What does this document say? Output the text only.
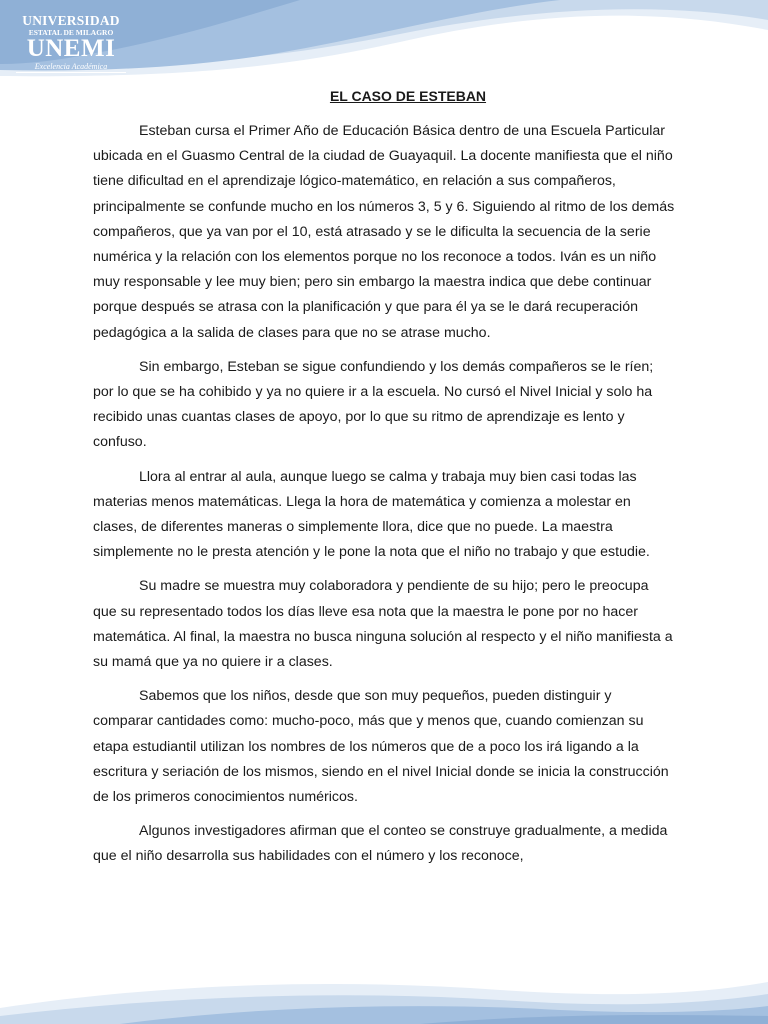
UNIVERSIDAD
ESTATAL DE MILAGRO
UNEMI
Excelencia Académica
EL CASO DE ESTEBAN

Esteban cursa el Primer Año de Educación Básica dentro de una Escuela Particular ubicada en el Guasmo Central de la ciudad de Guayaquil. La docente manifiesta que el niño tiene dificultad en el aprendizaje lógico-matemático, en relación a sus compañeros, principalmente se confunde mucho en los números 3, 5 y 6. Siguiendo al ritmo de los demás compañeros, que ya van por el 10, está atrasado y se le dificulta la secuencia de la serie numérica y la relación con los elementos porque no los reconoce a todos. Iván es un niño muy responsable y lee muy bien; pero sin embargo la maestra indica que debe continuar porque después se atrasa con la planificación y que para él ya se le dará recuperación pedagógica a la salida de clases para que no se atrase mucho.

Sin embargo, Esteban se sigue confundiendo y los demás compañeros se le ríen; por lo que se ha cohibido y ya no quiere ir a la escuela. No cursó el Nivel Inicial y solo ha recibido unas cuantas clases de apoyo, por lo que su ritmo de aprendizaje es lento y confuso.

Llora al entrar al aula, aunque luego se calma y trabaja muy bien casi todas las materias menos matemáticas. Llega la hora de matemática y comienza a molestar en clases, de diferentes maneras o simplemente llora, dice que no puede. La maestra simplemente no le presta atención y le pone la nota que el niño no trabajo y que estudie.

Su madre se muestra muy colaboradora y pendiente de su hijo; pero le preocupa que su representado todos los días lleve esa nota que la maestra le pone por no hacer matemática. Al final, la maestra no busca ninguna solución al respecto y el niño manifiesta a su mamá que ya no quiere ir a clases.

Sabemos que los niños, desde que son muy pequeños, pueden distinguir y comparar cantidades como: mucho-poco, más que y menos que, cuando comienzan su etapa estudiantil utilizan los nombres de los números que de a poco los irá ligando a la escritura y seriación de los mismos, siendo en el nivel Inicial donde se inicia la construcción de los primeros conocimientos numéricos.

Algunos investigadores afirman que el conteo se construye gradualmente, a medida que el niño desarrolla sus habilidades con el número y los reconoce,
